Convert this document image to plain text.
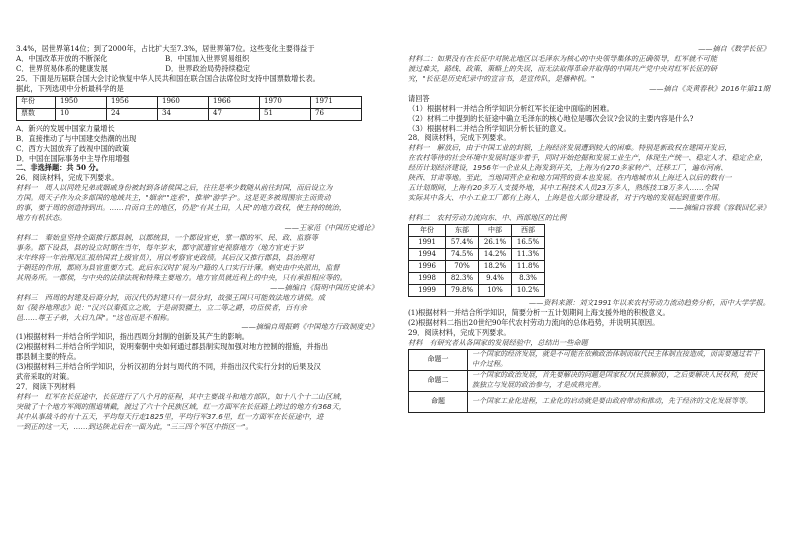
3.4%，居世界第14位；到了2000年，占比扩大至7.3%，居世界第7位。这些变化主要得益于
A．中国改革开放的不断深化　　　　　　　　B．中国加入世界贸易组织
C．世界贸易体系的健康发展　　　　　　　　D．世界政治局势持续稳定
25．下面是历届联合国大会讨论恢复中华人民共和国在联合国合法席位时支持中国票数增长表。
据此，下列选项中分析最科学的是
年份	1950	1956	1960	1966	1970	1971
票数	10	24	34	47	51	76
A．新兴的发展中国家力量增长
B．直接推动了与中国建交热潮的出现
C．西方大国放弃了歧视中国的政策
D．中国在国际事务中主导作用增强
二、非选择题：共 50 分。
26．阅读材料，完成下列要求。
材料一　周人以同姓兄弟或姻戚身份被封到各诸侯国之后，往往是率少数随从前往封国，而后设立为
方国。周天子作为众多部国的地域共主，"姻亲""连系"，推举"游学子"。这是更多被周围宗主而贵动
的事，要于周的创造持到出。……自而自主的地区，仍是"有其土田，人民"的地方政权，使主持的统治，
地方有机状态。
——王家范《中国历史通论》
材料二　秦始皇坚持全面推行郡县制，以郡统县，一个郡设官吏，掌一郡的军、民、政、监察等
事务。郡下设县，县的设立时期在当年，每年岁末，郡守派遣官吏视察地方（地方官吏于岁
末年终将一年治理况汇报给国君上级官员），用以考察官吏政绩。其后汉又推行郡县，县治理对
于朝廷的作用，郡则为县官重要方式。此后东汉时扩展为户籍的人口实行计簿。刺史由中央派出，监督
其刑务所。一郡侯，与中央的法律法规和特殊主要地方。地方官员就近利上的中央，只有承担相应等的。
——摘编自《简明中国历史读本》
材料三　西周的封建及后裔分封，而汉代仍封建只有一层分封，故强王国只可能效法地方诸侯。成
如《陵谷地理志》说："汉兴以秦孤立之败，于是剖裂疆土，立二等之爵，功臣侯者，百有余
邑……尊王子弟，大启九国"。"这也而是不相称。
——摘编自周振鹤《中国地方行政制度史》
(1)根据材料一并结合所学知识，指出西周分封制的创新及其产生的影响。
(2)根据材料二并结合所学知识，说明秦朝中央如何通过郡县制实现加强对地方控制的措施，并指出
郡县制主要的特点。
(3)根据材料三并结合所学知识，分析汉初的分封与周代的不同，并指出汉代实行分封的后果及汉
武帝采取的对策。
27．阅读下列材料
材料一　红军在长征途中，长征进行了八个月的征程，其中主要战斗和地方部队，如十八个十二山区域，
突破了十个地方军阀的围追堵截，渡过了六十个民族区域，红一方面军在长征路上跨过的地方有368天，
其中从事战斗的有十五天，平均每天行走1825里，平均行军37.6里，红一方面军在长征途中，进
一到正的这一天，……到达陕北后在一面为此，"三三四个军区中指区一"。
——摘自《数学长征》
材料二：如果没有在长征中对陕北地区以毛泽东为核心的中央领导集体的正确领导，红军就不可能
渡过难关，路线、政策、策略上的失误，而无法取得革命并取得的中国共产党中央对红军长征的研
究，"长征是历史纪录中的宣言书，是宣传队，是播种机。"
——摘自《炎黄春秋》2016年第11期
请回答
（1）根据材料一并结合所学知识分析红军长征途中面临的困难。
（2）材料二中提到的长征途中确立毛泽东的核心地位是哪次会议?会议的主要内容是什么?
（3）根据材料二并结合所学知识分析长征的意义。
28．阅读材料，完成下列要求。
材料一　解放后，由于中国工业的封锁，上海经济发展遭到较大的困难。特别是新政权在建国开发后，
在农村等待的社会环境中发展时逐步着手，同时开始挖掘和发展工业生产，体现生产统一、稳定人才、稳定企业，
经历计划经济建设，1956年一企业从上海发到开关，上海为有270多家转产、迁移工厂，遍布河南、
陕西、甘肃等地。至此，当地国营企业和地方国营的资本也发展。在内地城市从上海迁入以后的数有一
五计划期间，上海有20多万人支援外地，其中工程技术人员23万多人，熟练技工8万多人……全国
实际其中各大、中小工业工厂都有上海人，上海是也大部分建设者，对于内地的发展起到重要作用。
——摘编自容载《容载回忆录》
材料二　农村劳动力流向东、中、西部地区的比例
年份	东部	中部	西部
1991	57.4%	26.1%	16.5%
1994	74.5%	14.2%	11.3%
1996	70%	18.2%	11.8%
1998	82.3%	9.4%	8.3%
1999	79.8%	10%	10.2%
——资料来源：刘文1991年以来农村劳动力流动趋势分析，而中大学学报。
(1)根据材料一并结合所学知识，简要分析一五计划期间上海支援外地的积极意义。
(2)根据材料二指出20世纪90年代农村劳动力流向的总体趋势，并说明其原因。
29．阅读材料，完成下列要求。
材料　有研究者从各国家的发展经验中，总结出一些命题
命题一	一个国家的经济发展，就是不可能在依赖政治体制而取代民主体制直接造成，而需要通过若干中介过程。
命题二	一个国家的政治发展，首先要解决的问题是国家权力(民族解放)，之后要解决人民权利，使民族独立与发展的政治参与，才是成熟完善。
命题	一个国家工业化进程，工业化的启动就是要由政府带动和推动，先于经济的文化发展等等。
